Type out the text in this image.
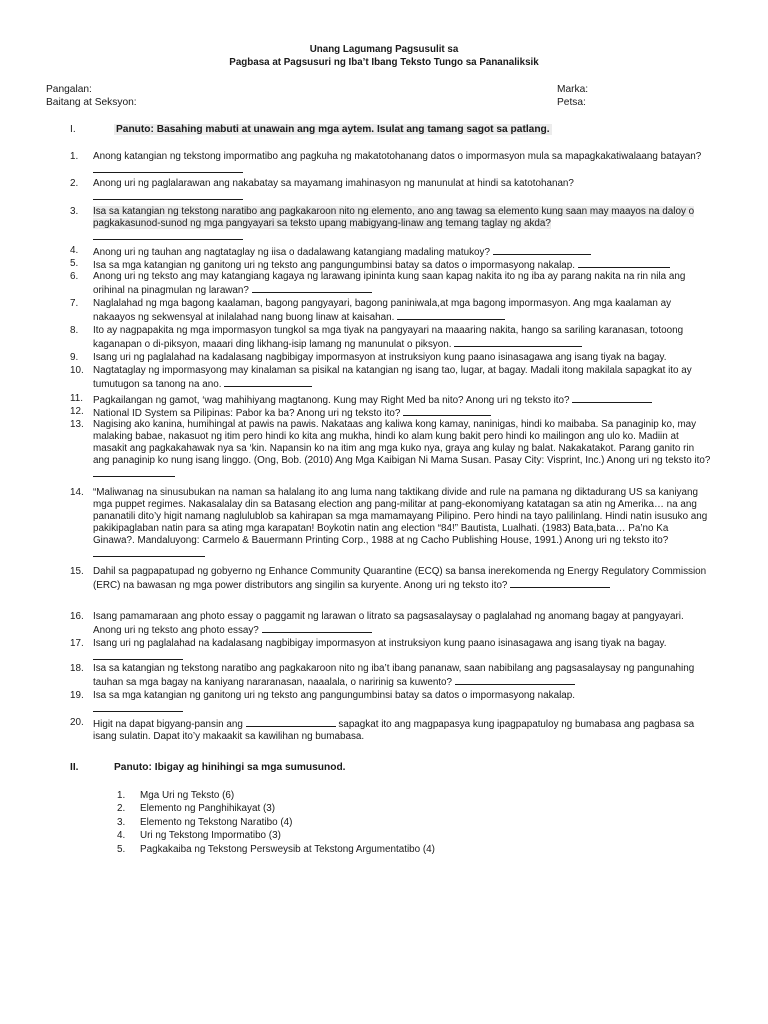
Unang Lagumang Pagsusulit sa
Pagbasa at Pagsusuri ng Iba’t Ibang Teksto Tungo sa Pananaliksik
Pangalan:
Baitang at Seksyon:
Marka:
Petsa:
I.	Panuto: Basahing mabuti at unawain ang mga aytem. Isulat ang tamang sagot sa patlang.
1.	Anong katangian ng tekstong impormatibo ang pagkuha ng makatotohanang datos o impormasyon mula sa mapagkakatiwalaang batayan?
2.	Anong uri ng paglalarawan ang nakabatay sa mayamang imahinasyon ng manunulat at hindi sa katotohanan?

3.	Isa sa katangian ng tekstong naratibo ang pagkakaroon nito ng elemento, ano ang tawag sa elemento kung saan may maayos na daloy o pagkakasunod-sunod ng mga pangyayari sa teksto upang mabigyang-linaw ang temang taglay ng akda?

4.	Anong uri ng tauhan ang nagtataglay ng iisa o dadalawang katangiang madaling matukoy?
5.	Isa sa mga katangian ng ganitong uri ng teksto ang pangungumbinsi batay sa datos o impormasyong nakalap.
6.	Anong uri ng teksto ang may katangiang kagaya ng larawang ipininta kung saan kapag nakita ito ng iba ay parang nakita na rin nila ang orihinal na pinagmulan ng larawan?
7.	Naglalahad ng mga bagong kaalaman, bagong pangyayari, bagong paniniwala,at mga bagong impormasyon. Ang mga kaalaman ay nakaayos ng sekwensyal at inilalahad nang buong linaw at kaisahan.
8.	Ito ay nagpapakita ng mga impormasyon tungkol sa mga tiyak na pangyayari na maaaring nakita, hango sa sariling karanasan, totoong kaganapan o di-piksyon, maaari ding likhang-isip lamang ng manunulat o piksyon.
9.	Isang uri ng paglalahad na kadalasang nagbibigay impormasyon at instruksiyon kung paano isinasagawa ang isang tiyak na bagay.
10. Nagtataglay ng impormasyong may kinalaman sa pisikal na katangian ng isang tao, lugar, at bagay. Madali itong makilala sapagkat ito ay tumutugon sa tanong na ano.
11.	Pagkailangan ng gamot, ‘wag mahihiyang magtanong. Kung may Right Med ba nito? Anong uri ng teksto ito?
12. National ID System sa Pilipinas: Pabor ka ba? Anong uri ng teksto ito?
13. Nagising ako kanina, humihingal at pawis na pawis. Nakataas ang kaliwa kong kamay, naninigas, hindi ko maibaba. Sa panaginip ko, may malaking babae, nakasuot ng itim pero hindi ko kita ang mukha, hindi ko alam kung bakit pero hindi ko mailingon ang ulo ko. Madiin at masakit ang pagkakahawak nya sa ‘kin. Napansin ko na itim ang mga kuko nya, graya ang kulay ng balat. Nakakatakot. Parang ganito rin ang panaginip ko nung isang linggo. (Ong, Bob. (2010) Ang Mga Kaibigan Ni Mama Susan. Pasay City: Visprint, Inc.) Anong uri ng teksto ito?
14. “Maliwanag na sinusubukan na naman sa halalang ito ang luma nang taktikang divide and rule na pamana ng diktadurang US sa kaniyang mga puppet regimes. Nakasalalay din sa Batasang election ang pang-militar at pang-ekonomiyang katatagan sa atin ng Amerika… na ang pananatili dito’y higit namang naglulublob sa kahirapan sa mga mamamayang Pilipino. Pero hindi na tayo palilinlang. Hindi natin isusuko ang pakikipaglaban natin para sa ating mga karapatan! Boykotin natin ang election “84!” Bautista, Lualhati. (1983) Bata,bata… Pa’no Ka Ginawa?. Mandaluyong: Carmelo & Bauermann Printing Corp., 1988 at ng Cacho Publishing House, 1991.) Anong uri ng teksto ito?
15. Dahil sa pagpapatupad ng gobyerno ng Enhance Community Quarantine (ECQ) sa bansa inerekomenda ng Energy Regulatory Commission (ERC) na bawasan ng mga power distributors ang singilin sa kuryente. Anong uri ng teksto ito?
16. Isang pamamaraan ang photo essay o paggamit ng larawan o litrato sa pagsasalaysay o paglalahad ng anomang bagay at pangyayari. Anong uri ng teksto ang photo essay?
17. Isang uri ng paglalahad na kadalasang nagbibigay impormasyon at instruksiyon kung paano isinasagawa ang isang tiyak na bagay.

18. Isa sa katangian ng tekstong naratibo ang pagkakaroon nito ng iba’t ibang pananaw, saan nabibilang ang pagsasalaysay ng pangunahing tauhan sa mga bagay na kaniyang nararanasan, naaalala, o naririnig sa kuwento?
19. Isa sa mga katangian ng ganitong uri ng teksto ang pangungumbinsi batay sa datos o impormasyong nakalap.

20. Higit na dapat bigyang-pansin ang	sapagkat ito ang magpapasya kung ipagpapatuloy ng bumabasa ang pagbasa sa isang sulatin. Dapat ito’y makaakit sa kawilihan ng bumabasa.
II.	Panuto: Ibigay ag hinihingi sa mga sumusunod.
1. Mga Uri ng Teksto (6)
2. Elemento ng Panghihikayat (3)
3. Elemento ng Tekstong Naratibo (4)
4. Uri ng Tekstong Impormatibo (3)
5. Pagkakaiba ng Tekstong Persweysib at Tekstong Argumentatibo (4)
